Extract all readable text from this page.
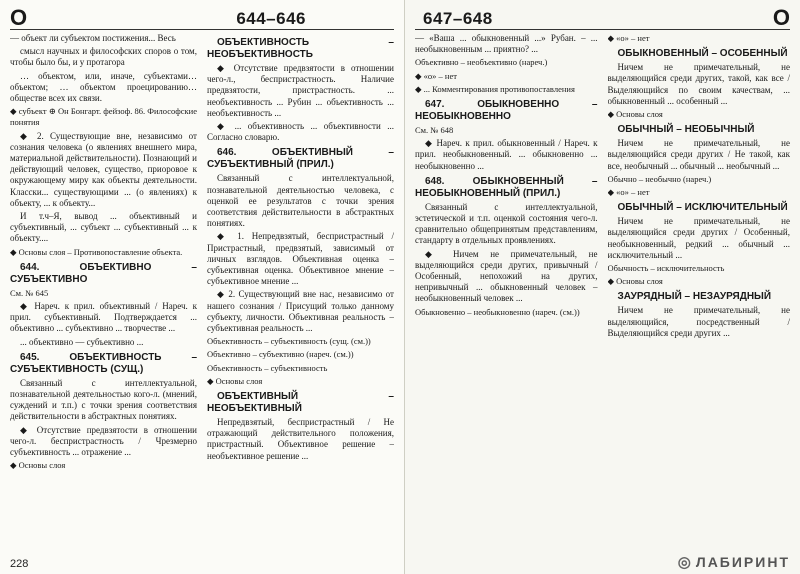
О	644–646

— объект ли субъектом постижения... Весь

смысл научных и философских споров о том, чтобы было бы, и у протагора

… объектом, или, иначе, субъектами… объектом; … объектом проецированию… обществе всех их связи.

◆ субъект ⊕ Он Бонгарт. фейзоф. 86. Философские понятия

◆ 2. Существующие вне, независимо от сознания человека (о явлениях внешнего мира, материальной действительности). Познающий и действующий человек, существо, приоровое к окружающему миру как объекты деятельности. Класски... существующими ... (о явлениях) к объекту, ... к объекту...

И т.ч–Я, вывод ... объективный и субъективный, ... субъект ... субъективный ... к объекту....

◆ Основы слоя – Противопоставление объекта.

644. ОБЪЕКТИВНО – СУБЪЕКТИВНО

См. № 645

◆ Нареч. к прил. объективный / Нареч. к прил. субъективный. Подтверждается ... объективно ... субъективно ... творчестве ...

... объективно — субъективно ...

645. ОБЪЕКТИВНОСТЬ – СУБЪЕКТИВНОСТЬ (СУЩ.)

Связанный с интеллектуальной, познавательной деятельностью кого-л. (мнений, суждений и т.п.) с точки зрения соответствия действительности в абстрактных понятиях.

◆ Отсутствие предвзятости в отношении чего-л. беспристрастность / Чрезмерно субъективность ... отражение ...

◆ Основы слоя

ОБЪЕКТИВНОСТЬ – НЕОБЪЕКТИВНОСТЬ

◆ Отсутствие предвзятости в отношении чего-л., беспристрастность. Наличие предвзятости, пристрастность. ... необъективность ... Рубин ... объективность ... необъективность ...

◆ ... объективность ... объективности ... Согласно словарю.

646. ОБЪЕКТИВНЫЙ – СУБЪЕКТИВНЫЙ (ПРИЛ.)

Связанный с интеллектуальной, познавательной деятельностью человека, с оценкой ее результатов с точки зрения соответствия действительности в абстрактных понятиях.

◆ 1. Непредвзятый, беспристрастный / Пристрастный, предвзятый, зависимый от личных взглядов. Объективная оценка – субъективная оценка. Объективное мнение – субъективное мнение ...

◆ 2. Существующий вне нас, независимо от нашего сознания / Присущий только данному субъекту, личности. Объективная реальность – субъективная реальность ...

Объективность – субъективность (сущ. (см.))

Объективно – субъективно (нареч. (см.))

Объективность – субъективность

◆ Основы слоя

ОБЪЕКТИВНЫЙ – НЕОБЪЕКТИВНЫЙ

Непредвзятый, беспристрастный / Не отражающий действительного положения, пристрастный. Объективное решение – необъективное решение ...

228
647–648	О

— «Ваша ... обыкновенный ...» Рубан. – ... необыкновенным ... приятно? ...

Объективно – необъективно (нареч.)

◆ «о» – нет

◆ ... Комментирования противопоставления

647. ОБЫКНОВЕННО – НЕОБЫКНОВЕННО

См. № 648

◆ Нареч. к прил. обыкновенный / Нареч. к прил. необыкновенный. ... обыкновенно ... необыкновенно ...

648. ОБЫКНОВЕННЫЙ – НЕОБЫКНОВЕННЫЙ (ПРИЛ.)

Связанный с интеллектуальной, эстетической и т.п. оценкой состояния чего-л. сравнительно общепринятым представлениям, стандарту в отдельных проявлениях.

◆ Ничем не примечательный, не выделяющийся среди других, привычный / Особенный, непохожий на других, непривычный ... обыкновенный человек – необыкновенный человек ...

Обыкновенно – необыкновенно (нареч. (см.))

◆ «о» – нет

ОБЫКНОВЕННЫЙ – ОСОБЕННЫЙ

Ничем не примечательный, не выделяющийся среди других, такой, как все / Выделяющийся по своим качествам, ... обыкновенный ... особенный ...

◆ Основы слоя

ОБЫЧНЫЙ – НЕОБЫЧНЫЙ

Ничем не примечательный, не выделяющийся среди других / Не такой, как все, необычный ... обычный ... необычный ...

Обычно – необычно (нареч.)

◆ «о» – нет

ОБЫЧНЫЙ – ИСКЛЮЧИТЕЛЬНЫЙ

Ничем не примечательный, не выделяющийся среди других / Особенный, необыкновенный, редкий ... обычный ... исключительный ...

Обычность – исключительность

◆ Основы слоя

ЗАУРЯДНЫЙ – НЕЗАУРЯДНЫЙ

Ничем не примечательный, не выделяющийся, посредственный / Выделяющийся среди других ...

◎ ЛАБИРИНТ
